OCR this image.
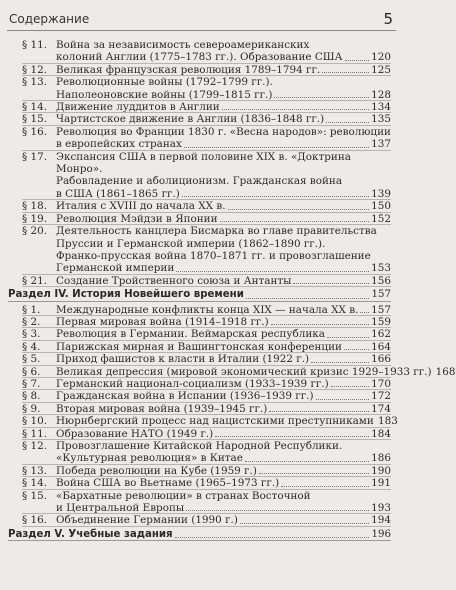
Содержание	5
§ 11. Война за независимость североамериканских
колоний Англии (1775–1783 гг.). Образование США	120
§ 12. Великая французская революция 1789–1794 гг.	125
§ 13. Революционные войны (1792–1799 гг.).
Наполеоновские войны (1799–1815 гг.)	128
§ 14. Движение луддитов в Англии	134
§ 15. Чартистское движение в Англии (1836–1848 гг.)	135
§ 16. Революция во Франции 1830 г. «Весна народов»: революции
в европейских странах	137
§ 17. Экспансия США в первой половине XIX в. «Доктрина Монро».
Рабовладение и аболиционизм. Гражданская война
в США (1861–1865 гг.)	139
§ 18. Италия с XVIII до начала XX в.	150
§ 19. Революция Мэйдзи в Японии	152
§ 20. Деятельность канцлера Бисмарка во главе правительства
Пруссии и Германской империи (1862–1890 гг.).
Франко-прусская война 1870–1871 гг. и провозглашение
Германской империи	153
§ 21. Создание Тройственного союза и Антанты	156
Раздел IV. История Новейшего времени	157
§ 1.	Международные конфликты конца XIX — начала XX в. 157
§ 2.	Первая мировая война (1914–1918 гг.)	159
§ 3.	Революция в Германии. Веймарская республика	162
§ 4.	Парижская мирная и Вашингтонская конференции	164
§ 5.	Приход фашистов к власти в Италии (1922 г.)	166
§ 6.	Великая депрессия (мировой экономический кризис 1929–1933 гг.) 168
§ 7.	Германский национал-социализм (1933–1939 гг.)	170
§ 8.	Гражданская война в Испании (1936–1939 гг.)	172
§ 9.	Вторая мировая война (1939–1945 гг.)	174
§ 10. Нюрнбергский процесс над нацистскими преступниками 183
§ 11. Образование НАТО (1949 г.)	184
§ 12. Провозглашение Китайской Народной Республики.
«Культурная революция» в Китае	186
§ 13. Победа революции на Кубе (1959 г.)	190
§ 14. Война США во Вьетнаме (1965–1973 гг.)	191
§ 15. «Бархатные революции» в странах Восточной
и Центральной Европы	193
§ 16. Объединение Германии (1990 г.)	194
Раздел V. Учебные задания	196
